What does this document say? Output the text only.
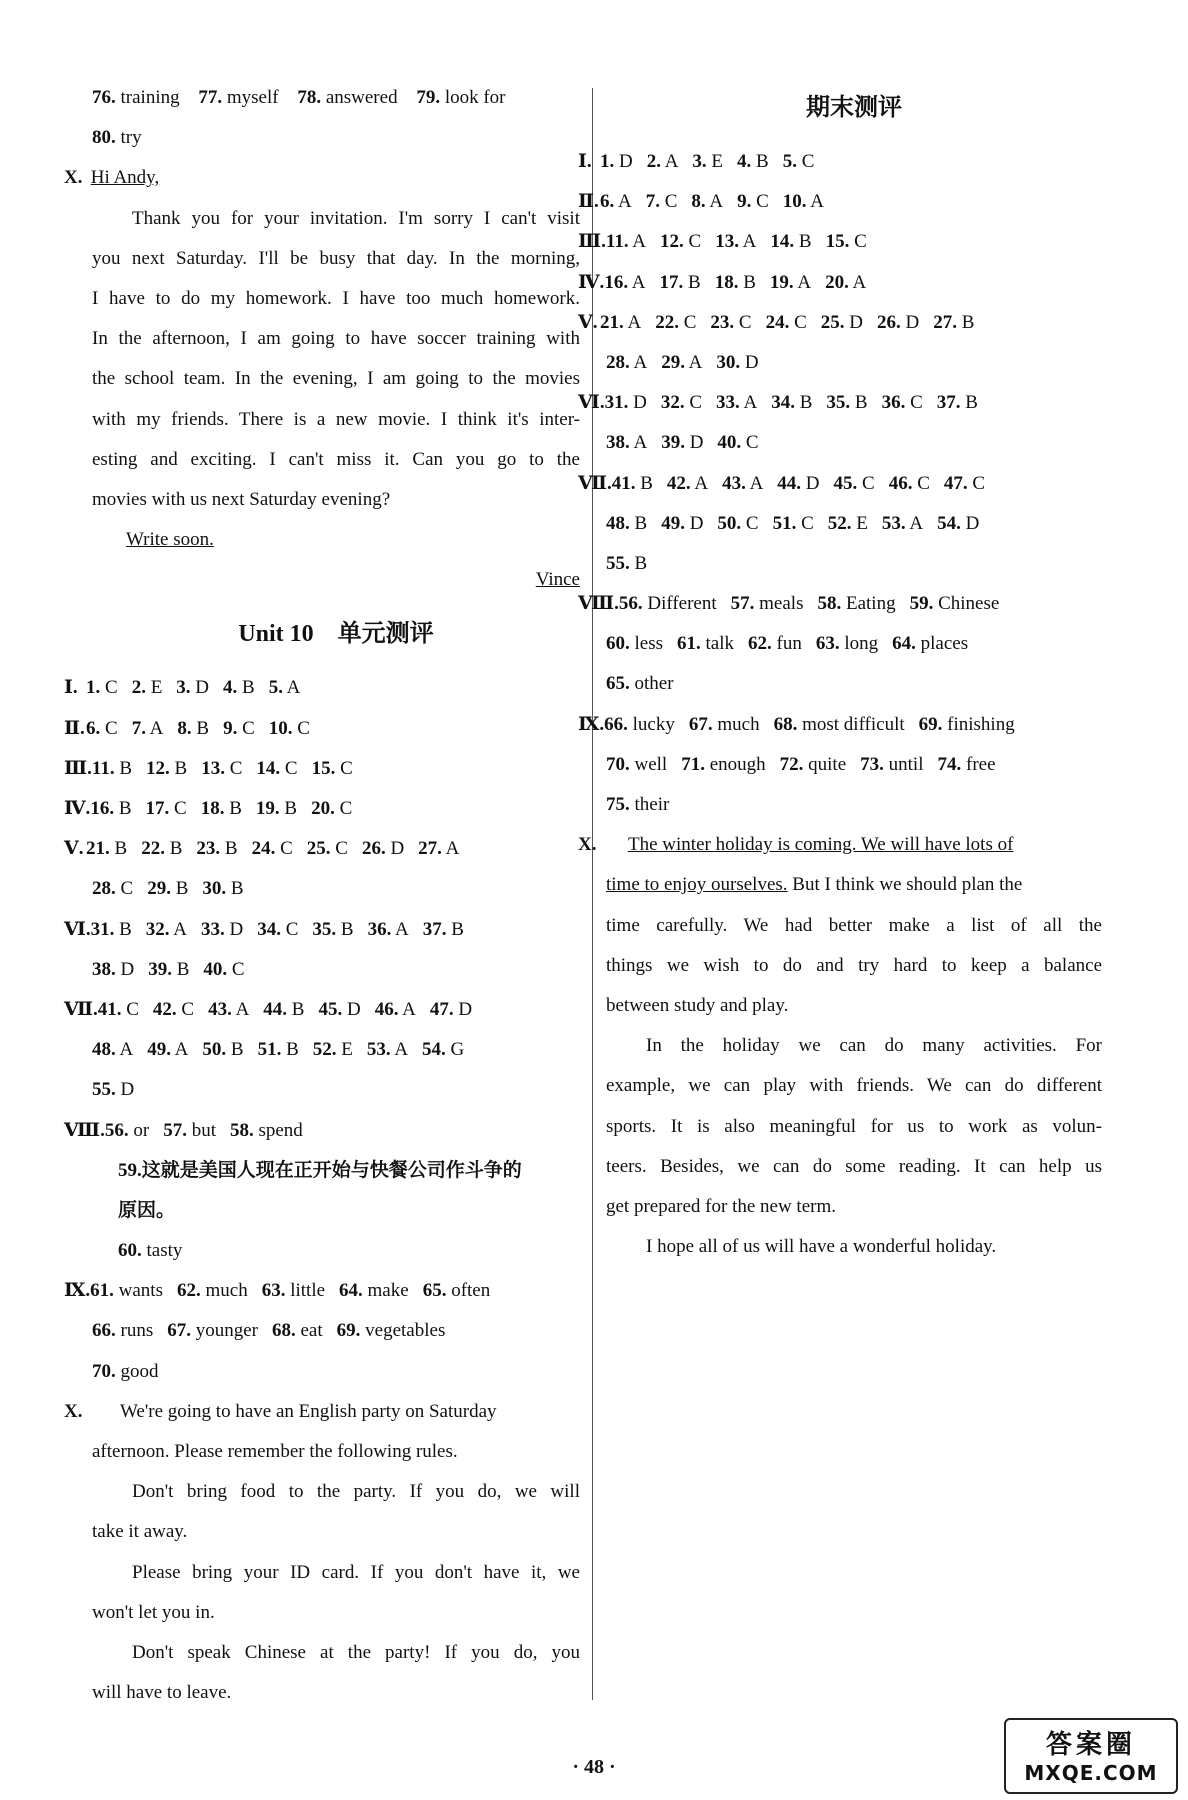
76. training 77. myself 78. answered 79. look for
80. try
X. Hi Andy,
Thank you for your invitation. I'm sorry I can't visit
you next Saturday. I'll be busy that day. In the morning,
I have to do my homework. I have too much homework.
In the afternoon, I am going to have soccer training with
the school team. In the evening, I am going to the movies
with my friends. There is a new movie. I think it's inter-
esting and exciting. I can't miss it. Can you go to the
movies with us next Saturday evening?
Write soon.
Vince
Unit 10　单元测评
Ⅰ. 1. C 2. E 3. D 4. B 5. A
Ⅱ.6. C 7. A 8. B 9. C 10. C
Ⅲ.11. B 12. B 13. C 14. C 15. C
Ⅳ.16. B 17. C 18. B 19. B 20. C
Ⅴ. 21. B 22. B 23. B 24. C 25. C 26. D 27. A
28. C 29. B 30. B
Ⅵ.31. B 32. A 33. D 34. C 35. B 36. A 37. B
38. D 39. B 40. C
Ⅶ.41. C 42. C 43. A 44. B 45. D 46. A 47. D
48. A 49. A 50. B 51. B 52. E 53. A 54. G
55. D
Ⅷ.56. or 57. but 58. spend
59.这就是美国人现在正开始与快餐公司作斗争的
原因。
60. tasty
Ⅸ.61. wants 62. much 63. little 64. make 65. often
66. runs 67. younger 68. eat 69. vegetables
70. good
X. We're going to have an English party on Saturday
afternoon. Please remember the following rules.
Don't bring food to the party. If you do, we will
take it away.
Please bring your ID card. If you don't have it, we
won't let you in.
Don't speak Chinese at the party! If you do, you
will have to leave.
期末测评
Ⅰ. 1. D 2. A 3. E 4. B 5. C
Ⅱ.6. A 7. C 8. A 9. C 10. A
Ⅲ.11. A 12. C 13. A 14. B 15. C
Ⅳ.16. A 17. B 18. B 19. A 20. A
Ⅴ. 21. A 22. C 23. C 24. C 25. D 26. D 27. B
28. A 29. A 30. D
Ⅵ.31. D 32. C 33. A 34. B 35. B 36. C 37. B
38. A 39. D 40. C
Ⅶ.41. B 42. A 43. A 44. D 45. C 46. C 47. C
48. B 49. D 50. C 51. C 52. E 53. A 54. D
55. B
Ⅷ.56. Different 57. meals 58. Eating 59. Chinese
60. less 61. talk 62. fun 63. long 64. places
65. other
Ⅸ.66. lucky 67. much 68. most difficult 69. finishing
70. well 71. enough 72. quite 73. until 74. free
75. their
X. The winter holiday is coming. We will have lots of
time to enjoy ourselves. But I think we should plan the
time carefully. We had better make a list of all the
things we wish to do and try hard to keep a balance
between study and play.
In the holiday we can do many activities. For
example, we can play with friends. We can do different
sports. It is also meaningful for us to work as volun-
teers. Besides, we can do some reading. It can help us
get prepared for the new term.
I hope all of us will have a wonderful holiday.
· 48 ·
答案圈
MXQE.COM
